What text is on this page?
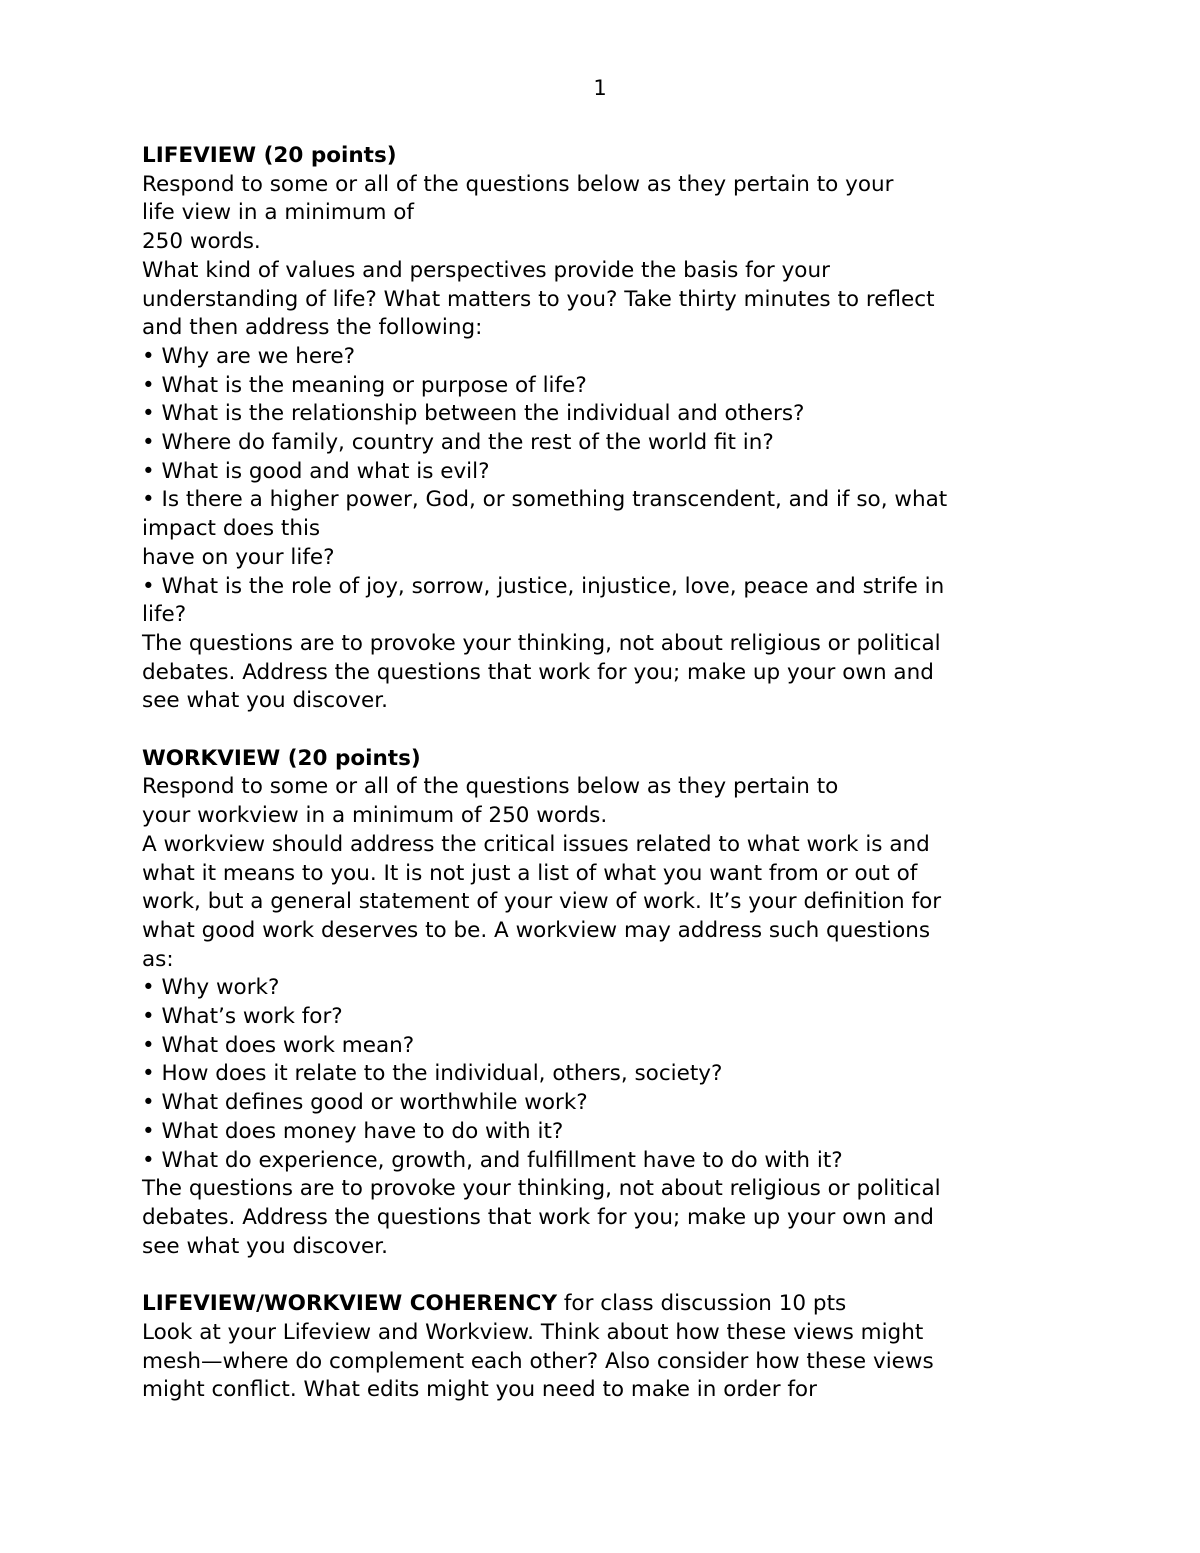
1
LIFEVIEW (20 points)
Respond to some or all of the questions below as they pertain to your
life view in a minimum of
250 words.
What kind of values and perspectives provide the basis for your
understanding of life? What matters to you? Take thirty minutes to reflect
and then address the following:
• Why are we here?
• What is the meaning or purpose of life?
• What is the relationship between the individual and others?
• Where do family, country and the rest of the world fit in?
• What is good and what is evil?
• Is there a higher power, God, or something transcendent, and if so, what
impact does this
have on your life?
• What is the role of joy, sorrow, justice, injustice, love, peace and strife in
life?
The questions are to provoke your thinking, not about religious or political
debates. Address the questions that work for you; make up your own and
see what you discover.
WORKVIEW (20 points)
Respond to some or all of the questions below as they pertain to
your workview in a minimum of 250 words.
A workview should address the critical issues related to what work is and
what it means to you. It is not just a list of what you want from or out of
work, but a general statement of your view of work. It’s your definition for
what good work deserves to be. A workview may address such questions
as:
• Why work?
• What’s work for?
• What does work mean?
• How does it relate to the individual, others, society?
• What defines good or worthwhile work?
• What does money have to do with it?
• What do experience, growth, and fulfillment have to do with it?
The questions are to provoke your thinking, not about religious or political
debates. Address the questions that work for you; make up your own and
see what you discover.
LIFEVIEW/WORKVIEW COHERENCY for class discussion 10 pts
Look at your Lifeview and Workview. Think about how these views might
mesh—where do complement each other? Also consider how these views
might conflict. What edits might you need to make in order for
